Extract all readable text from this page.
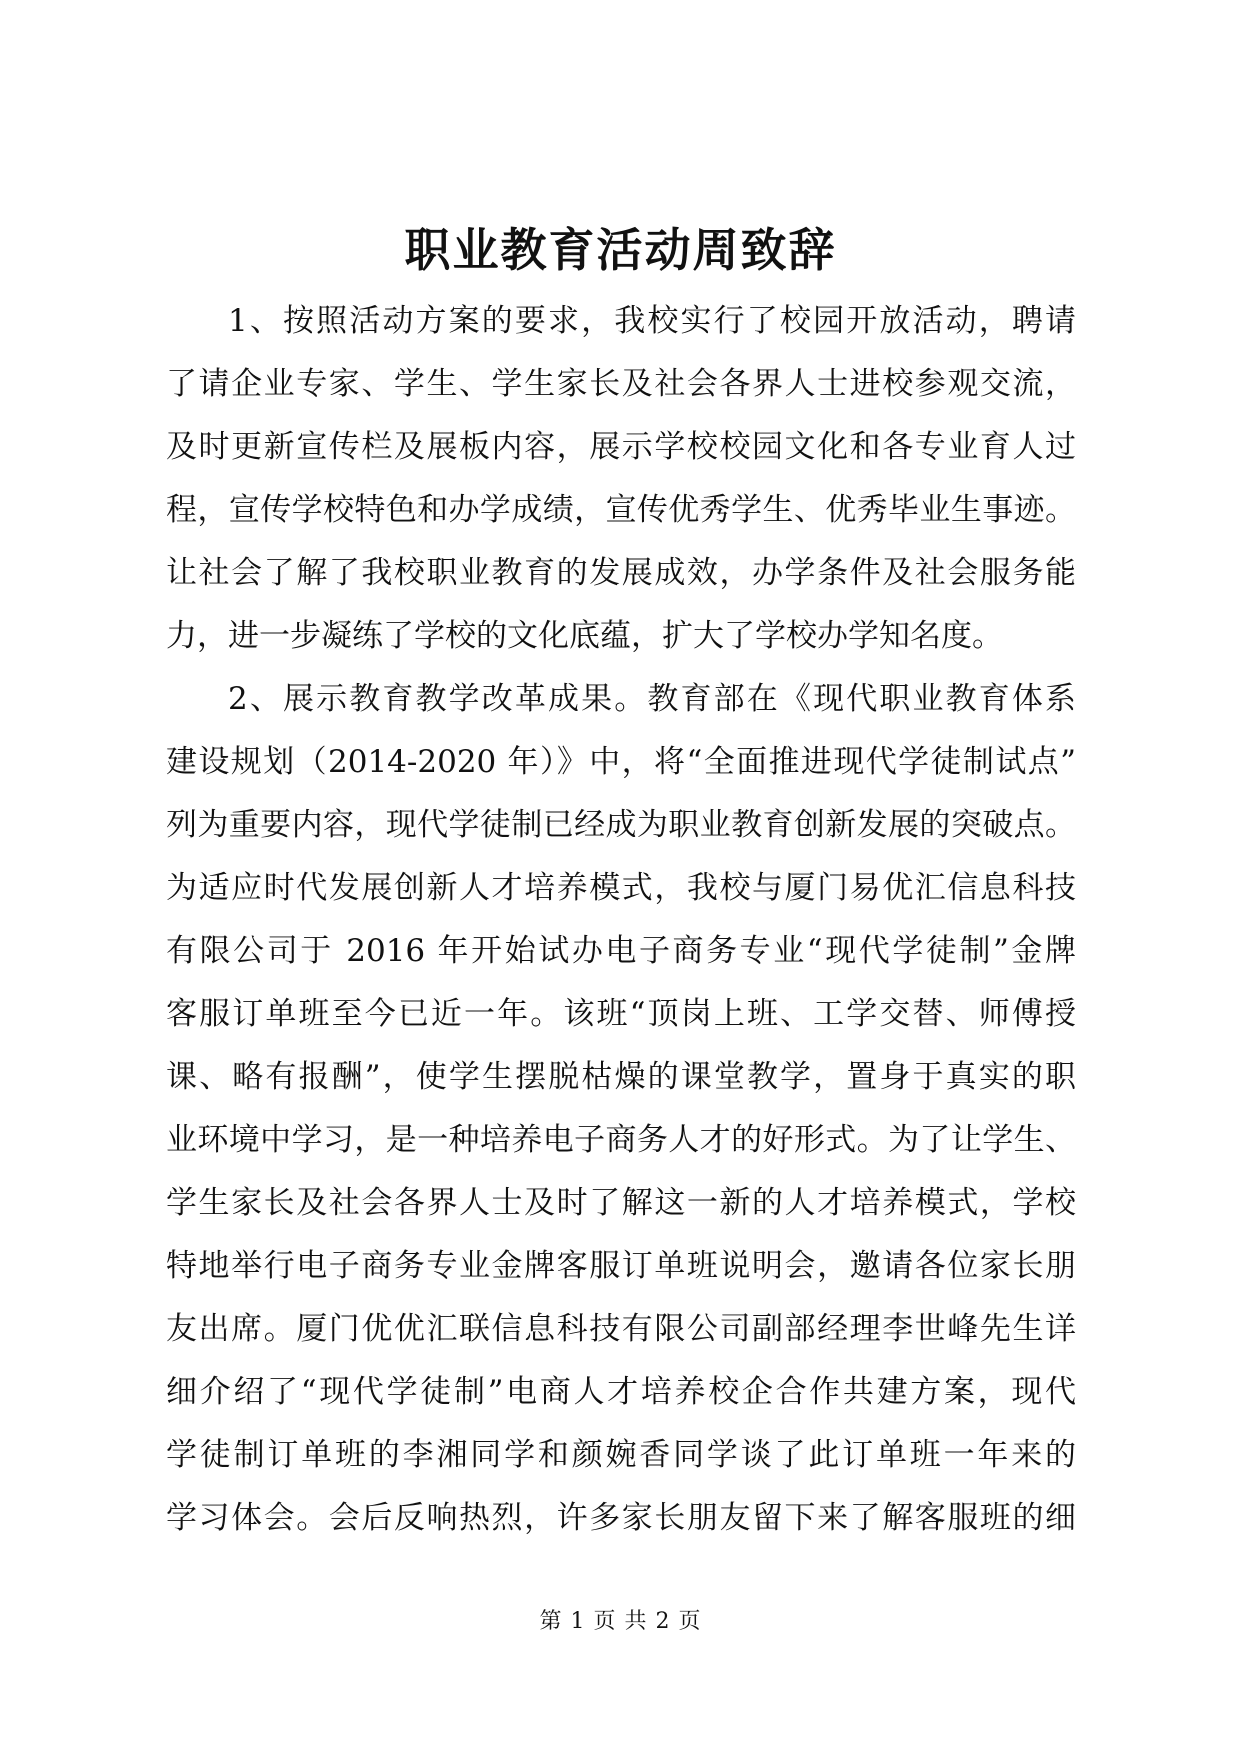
职业教育活动周致辞
1、按照活动方案的要求，我校实行了校园开放活动，聘请
了请企业专家、学生、学生家长及社会各界人士进校参观交流，
及时更新宣传栏及展板内容，展示学校校园文化和各专业育人过
程，宣传学校特色和办学成绩，宣传优秀学生、优秀毕业生事迹。
让社会了解了我校职业教育的发展成效，办学条件及社会服务能
力，进一步凝练了学校的文化底蕴，扩大了学校办学知名度。
2、展示教育教学改革成果。教育部在《现代职业教育体系
建设规划（2014-2020 年）》中，将“全面推进现代学徒制试点”
列为重要内容，现代学徒制已经成为职业教育创新发展的突破点。
为适应时代发展创新人才培养模式，我校与厦门易优汇信息科技
有限公司于 2016 年开始试办电子商务专业“现代学徒制”金牌
客服订单班至今已近一年。该班“顶岗上班、工学交替、师傅授
课、略有报酬”，使学生摆脱枯燥的课堂教学，置身于真实的职
业环境中学习，是一种培养电子商务人才的好形式。为了让学生、
学生家长及社会各界人士及时了解这一新的人才培养模式，学校
特地举行电子商务专业金牌客服订单班说明会，邀请各位家长朋
友出席。厦门优优汇联信息科技有限公司副部经理李世峰先生详
细介绍了“现代学徒制”电商人才培养校企合作共建方案，现代
学徒制订单班的李湘同学和颜婉香同学谈了此订单班一年来的
学习体会。会后反响热烈，许多家长朋友留下来了解客服班的细
第 1 页 共 2 页
